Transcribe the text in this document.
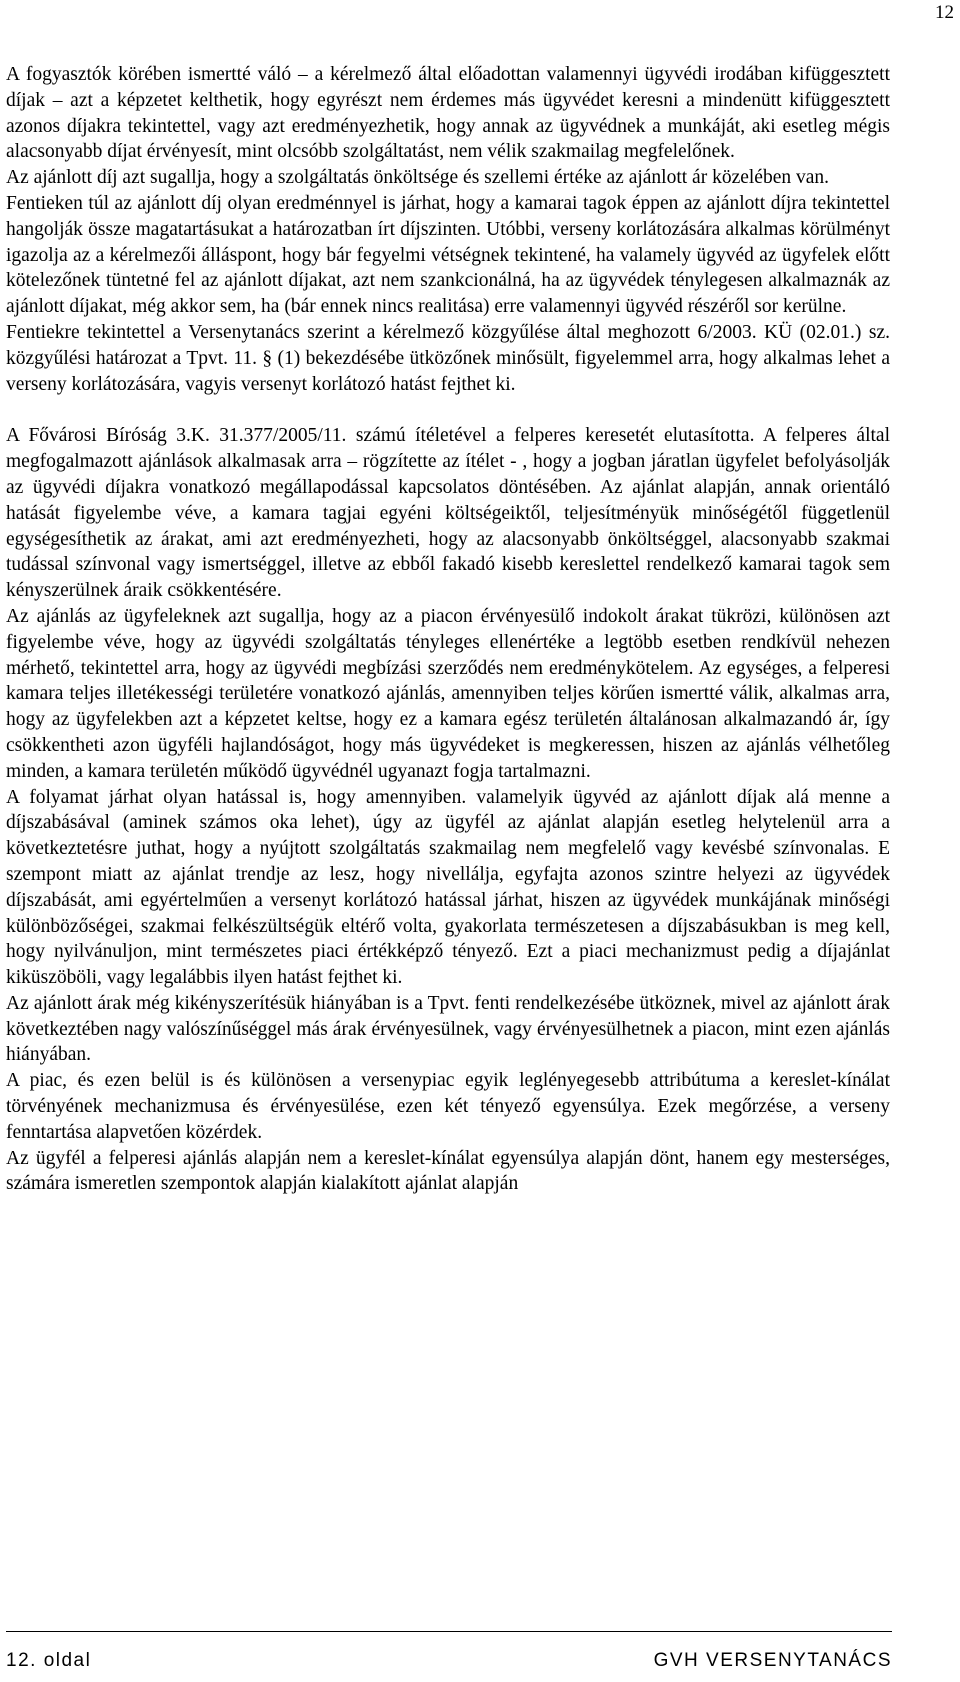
12

A fogyasztók körében ismertté váló – a kérelmező által előadottan valamennyi ügyvédi irodában kifüggesztett díjak – azt a képzetet kelthetik, hogy egyrészt nem érdemes más ügyvédet keresni a mindenütt kifüggesztett azonos díjakra tekintettel, vagy azt eredményezhetik, hogy annak az ügyvédnek a munkáját, aki esetleg mégis alacsonyabb díjat érvényesít, mint olcsóbb szolgáltatást, nem vélik szakmailag megfelelőnek.

Az ajánlott díj azt sugallja, hogy a szolgáltatás önköltsége és szellemi értéke az ajánlott ár közelében van.

Fentieken túl az ajánlott díj olyan eredménnyel is járhat, hogy a kamarai tagok éppen az ajánlott díjra tekintettel hangolják össze magatartásukat a határozatban írt díjszinten. Utóbbi, verseny korlátozására alkalmas körülményt igazolja az a kérelmezői álláspont, hogy bár fegyelmi vétségnek tekintené, ha valamely ügyvéd az ügyfelek előtt kötelezőnek tüntetné fel az ajánlott díjakat, azt nem szankcionálná, ha az ügyvédek ténylegesen alkalmaznák az ajánlott díjakat, még akkor sem, ha (bár ennek nincs realitása) erre valamennyi ügyvéd részéről sor kerülne.

Fentiekre tekintettel a Versenytanács szerint a kérelmező közgyűlése által meghozott 6/2003. KÜ (02.01.) sz. közgyűlési határozat a Tpvt. 11. § (1) bekezdésébe ütközőnek minősült, figyelemmel arra, hogy alkalmas lehet a verseny korlátozására, vagyis versenyt korlátozó hatást fejthet ki.

A Fővárosi Bíróság 3.K. 31.377/2005/11. számú ítéletével a felperes keresetét elutasította. A felperes által megfogalmazott ajánlások alkalmasak arra – rögzítette az ítélet - , hogy a jogban járatlan ügyfelet befolyásolják az ügyvédi díjakra vonatkozó megállapodással kapcsolatos döntésében. Az ajánlat alapján, annak orientáló hatását figyelembe véve, a kamara tagjai egyéni költségeiktől, teljesítményük minőségétől függetlenül egységesíthetik az árakat, ami azt eredményezheti, hogy az alacsonyabb önköltséggel, alacsonyabb szakmai tudással színvonal vagy ismertséggel, illetve az ebből fakadó kisebb kereslettel rendelkező kamarai tagok sem kényszerülnek áraik csökkentésére.

Az ajánlás az ügyfeleknek azt sugallja, hogy az a piacon érvényesülő indokolt árakat tükrözi, különösen azt figyelembe véve, hogy az ügyvédi szolgáltatás tényleges ellenértéke a legtöbb esetben rendkívül nehezen mérhető, tekintettel arra, hogy az ügyvédi megbízási szerződés nem eredménykötelem. Az egységes, a felperesi kamara teljes illetékességi területére vonatkozó ajánlás, amennyiben teljes körűen ismertté válik, alkalmas arra, hogy az ügyfelekben azt a képzetet keltse, hogy ez a kamara egész területén általánosan alkalmazandó ár, így csökkentheti azon ügyféli hajlandóságot, hogy más ügyvédeket is megkeressen, hiszen az ajánlás vélhetőleg minden, a kamara területén működő ügyvédnél ugyanazt fogja tartalmazni.

A folyamat járhat olyan hatással is, hogy amennyiben. valamelyik ügyvéd az ajánlott díjak alá menne a díjszabásával (aminek számos oka lehet), úgy az ügyfél az ajánlat alapján esetleg helytelenül arra a következtetésre juthat, hogy a nyújtott szolgáltatás szakmailag nem megfelelő vagy kevésbé színvonalas. E szempont miatt az ajánlat trendje az lesz, hogy nivellálja, egyfajta azonos szintre helyezi az ügyvédek díjszabását, ami egyértelműen a versenyt korlátozó hatással járhat, hiszen az ügyvédek munkájának minőségi különbözőségei, szakmai felkészültségük eltérő volta, gyakorlata természetesen a díjszabásukban is meg kell, hogy nyilvánuljon, mint természetes piaci értékképző tényező. Ezt a piaci mechanizmust pedig a díjajánlat kiküszöböli, vagy legalábbis ilyen hatást fejthet ki.

Az ajánlott árak még kikényszerítésük hiányában is a Tpvt. fenti rendelkezésébe ütköznek, mivel az ajánlott árak következtében nagy valószínűséggel más árak érvényesülnek, vagy érvényesülhetnek a piacon, mint ezen ajánlás hiányában.

A piac, és ezen belül is és különösen a versenypiac egyik leglényegesebb attribútuma a kereslet-kínálat törvényének mechanizmusa és érvényesülése, ezen két tényező egyensúlya. Ezek megőrzése, a verseny fenntartása alapvetően közérdek.

Az ügyfél a felperesi ajánlás alapján nem a kereslet-kínálat egyensúlya alapján dönt, hanem egy mesterséges, számára ismeretlen szempontok alapján kialakított ajánlat alapján

12. oldal	GVH VERSENYTANÁCS
